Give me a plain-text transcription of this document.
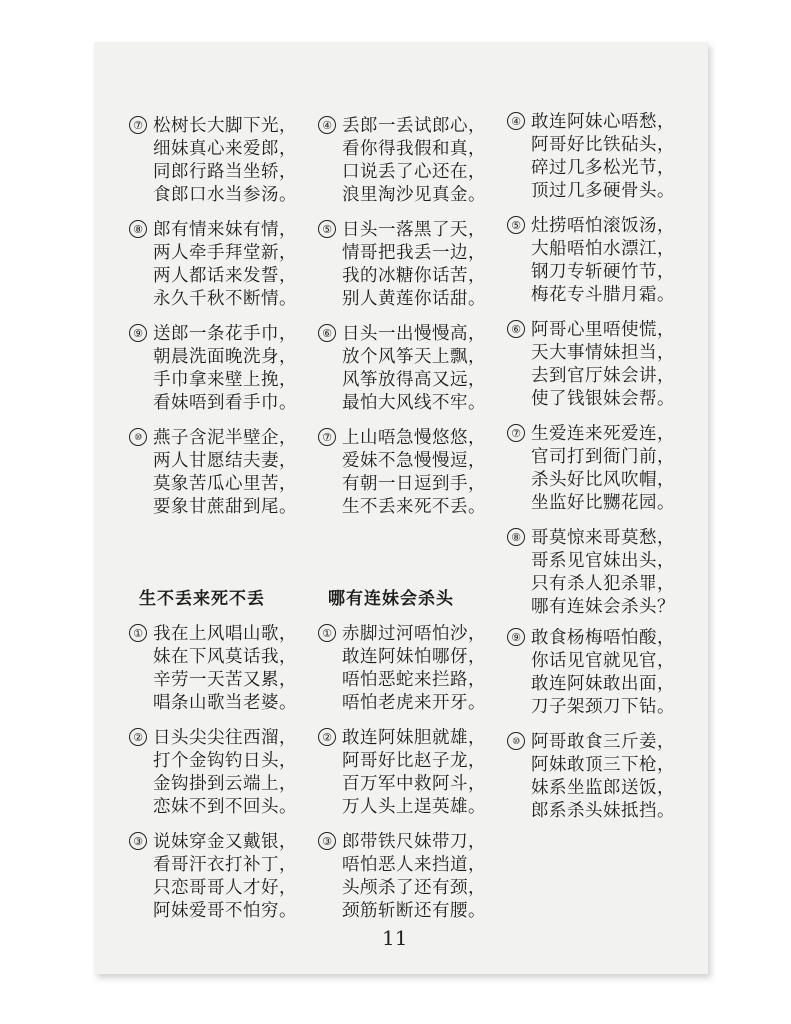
⑦ 松树长大脚下光，
细妹真心来爱郎，
同郎行路当坐轿，
食郎口水当参汤。
⑧ 郎有情来妹有情，
两人牵手拜堂新，
两人都话来发誓，
永久千秋不断情。
⑨ 送郎一条花手巾，
朝晨洗面晚洗身，
手巾拿来壁上挽，
看妹唔到看手巾。
⑩ 燕子含泥半壁企，
两人甘愿结夫妻，
莫象苦瓜心里苦，
要象甘蔗甜到尾。
生不丢来死不丢
① 我在上风唱山歌，
妹在下风莫话我，
辛劳一天苦又累，
唱条山歌当老婆。
② 日头尖尖往西溜，
打个金钩钓日头，
金钩掛到云端上，
恋妹不到不回头。
③ 说妹穿金又戴银，
看哥汗衣打补丁，
只恋哥哥人才好，
阿妹爱哥不怕穷。
④ 丢郎一丢试郎心，
看你得我假和真，
口说丢了心还在，
浪里淘沙见真金。
⑤ 日头一落黑了天，
情哥把我丢一边，
我的冰糖你话苦，
别人黄莲你话甜。
⑥ 日头一出慢慢高，
放个风筝天上飘，
风筝放得高又远，
最怕大风线不牢。
⑦ 上山唔急慢悠悠，
爱妹不急慢慢逗，
有朝一日逗到手，
生不丢来死不丢。
哪有连妹会杀头
① 赤脚过河唔怕沙，
敢连阿妹怕哪伢，
唔怕恶蛇来拦路，
唔怕老虎来开牙。
② 敢连阿妹胆就雄，
阿哥好比赵子龙，
百万军中救阿斗，
万人头上逞英雄。
③ 郎带铁尺妹带刀，
唔怕恶人来挡道，
头颅杀了还有颈，
颈筋斩断还有腰。
④ 敢连阿妹心唔愁，
阿哥好比铁砧头，
碎过几多松光节，
顶过几多硬骨头。
⑤ 灶捞唔怕滚饭汤，
大船唔怕水漂江，
钢刀专斩硬竹节，
梅花专斗腊月霜。
⑥ 阿哥心里唔使慌，
天大事情妹担当，
去到官厅妹会讲，
使了钱银妹会帮。
⑦ 生爱连来死爱连，
官司打到衙门前，
杀头好比风吹帽，
坐监好比嬲花园。
⑧ 哥莫惊来哥莫愁，
哥系见官妹出头，
只有杀人犯杀罪，
哪有连妹会杀头？
⑨ 敢食杨梅唔怕酸，
你话见官就见官，
敢连阿妹敢出面，
刀子架颈刀下钻。
⑩ 阿哥敢食三斤姜，
阿妹敢顶三下枪，
妹系坐监郎送饭，
郎系杀头妹抵挡。
11
